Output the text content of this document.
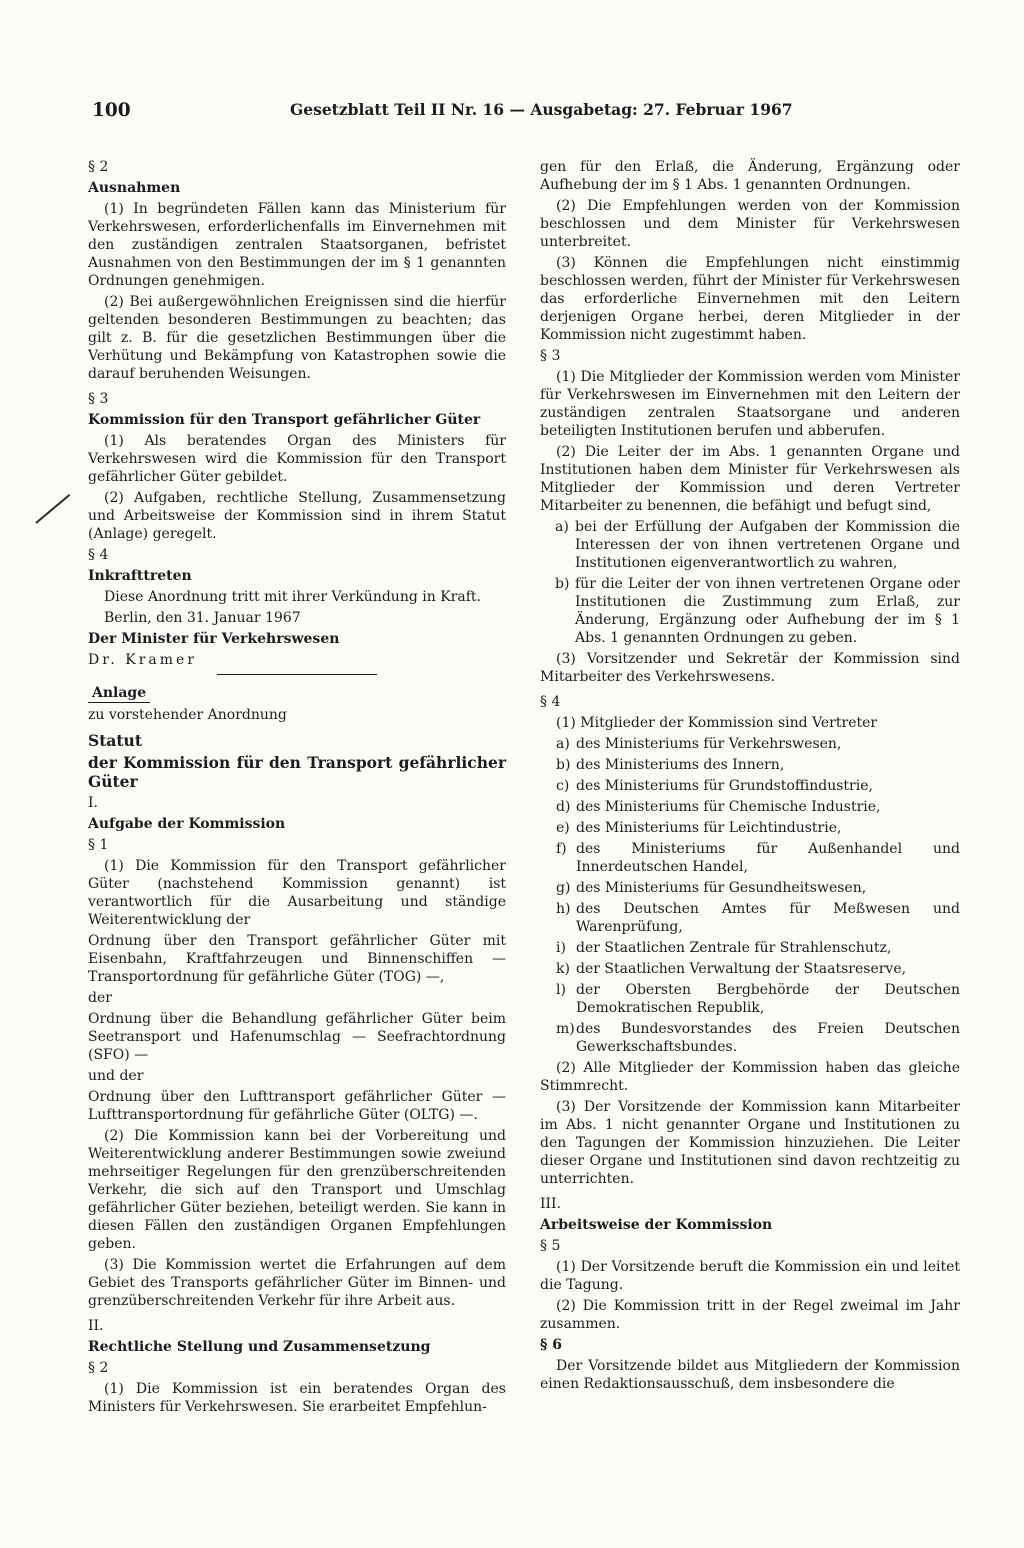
100	Gesetzblatt Teil II Nr. 16 — Ausgabetag: 27. Februar 1967

§ 2

Ausnahmen

(1) In begründeten Fällen kann das Ministerium für Verkehrswesen, erforderlichenfalls im Einvernehmen mit den zuständigen zentralen Staatsorganen, befristet Ausnahmen von den Bestimmungen der im § 1 genannten Ordnungen genehmigen.

(2) Bei außergewöhnlichen Ereignissen sind die hierfür geltenden besonderen Bestimmungen zu beachten; das gilt z. B. für die gesetzlichen Bestimmungen über die Verhütung und Bekämpfung von Katastrophen sowie die darauf beruhenden Weisungen.

§ 3

Kommission für den Transport gefährlicher Güter

(1) Als beratendes Organ des Ministers für Verkehrswesen wird die Kommission für den Transport gefährlicher Güter gebildet.

(2) Aufgaben, rechtliche Stellung, Zusammensetzung und Arbeitsweise der Kommission sind in ihrem Statut (Anlage) geregelt.

§ 4

Inkrafttreten

Diese Anordnung tritt mit ihrer Verkündung in Kraft.

Berlin, den 31. Januar 1967

Der Minister für Verkehrswesen

Dr. Kramer

Anlage

zu vorstehender Anordnung

Statut

der Kommission für den Transport gefährlicher Güter

I.

Aufgabe der Kommission

§ 1

(1) Die Kommission für den Transport gefährlicher Güter (nachstehend Kommission genannt) ist verantwortlich für die Ausarbeitung und ständige Weiterentwicklung der

Ordnung über den Transport gefährlicher Güter mit Eisenbahn, Kraftfahrzeugen und Binnenschiffen — Transportordnung für gefährliche Güter (TOG) —,

der

Ordnung über die Behandlung gefährlicher Güter beim Seetransport und Hafenumschlag — Seefrachtordnung (SFO) —

und der

Ordnung über den Lufttransport gefährlicher Güter — Lufttransportordnung für gefährliche Güter (OLTG) —.

(2) Die Kommission kann bei der Vorbereitung und Weiterentwicklung anderer Bestimmungen sowie zweiund mehrseitiger Regelungen für den grenzüberschreitenden Verkehr, die sich auf den Transport und Umschlag gefährlicher Güter beziehen, beteiligt werden. Sie kann in diesen Fällen den zuständigen Organen Empfehlungen geben.

(3) Die Kommission wertet die Erfahrungen auf dem Gebiet des Transports gefährlicher Güter im Binnen- und grenzüberschreitenden Verkehr für ihre Arbeit aus.

II.

Rechtliche Stellung und Zusammensetzung

§ 2

(1) Die Kommission ist ein beratendes Organ des Ministers für Verkehrswesen. Sie erarbeitet Empfehlun-

gen für den Erlaß, die Änderung, Ergänzung oder Aufhebung der im § 1 Abs. 1 genannten Ordnungen.

(2) Die Empfehlungen werden von der Kommission beschlossen und dem Minister für Verkehrswesen unterbreitet.

(3) Können die Empfehlungen nicht einstimmig beschlossen werden, führt der Minister für Verkehrswesen das erforderliche Einvernehmen mit den Leitern derjenigen Organe herbei, deren Mitglieder in der Kommission nicht zugestimmt haben.

§ 3

(1) Die Mitglieder der Kommission werden vom Minister für Verkehrswesen im Einvernehmen mit den Leitern der zuständigen zentralen Staatsorgane und anderen beteiligten Institutionen berufen und abberufen.

(2) Die Leiter der im Abs. 1 genannten Organe und Institutionen haben dem Minister für Verkehrswesen als Mitglieder der Kommission und deren Vertreter Mitarbeiter zu benennen, die befähigt und befugt sind,

a) bei der Erfüllung der Aufgaben der Kommission die Interessen der von ihnen vertretenen Organe und Institutionen eigenverantwortlich zu wahren,
b) für die Leiter der von ihnen vertretenen Organe oder Institutionen die Zustimmung zum Erlaß, zur Änderung, Ergänzung oder Aufhebung der im § 1 Abs. 1 genannten Ordnungen zu geben.

(3) Vorsitzender und Sekretär der Kommission sind Mitarbeiter des Verkehrswesens.

§ 4

(1) Mitglieder der Kommission sind Vertreter

a) des Ministeriums für Verkehrswesen,
b) des Ministeriums des Innern,
c) des Ministeriums für Grundstoffindustrie,
d) des Ministeriums für Chemische Industrie,
e) des Ministeriums für Leichtindustrie,
f) des Ministeriums für Außenhandel und Innerdeutschen Handel,
g) des Ministeriums für Gesundheitswesen,
h) des Deutschen Amtes für Meßwesen und Warenprüfung,
i) der Staatlichen Zentrale für Strahlenschutz,
k) der Staatlichen Verwaltung der Staatsreserve,
l) der Obersten Bergbehörde der Deutschen Demokratischen Republik,
m) des Bundesvorstandes des Freien Deutschen Gewerkschaftsbundes.

(2) Alle Mitglieder der Kommission haben das gleiche Stimmrecht.

(3) Der Vorsitzende der Kommission kann Mitarbeiter im Abs. 1 nicht genannter Organe und Institutionen zu den Tagungen der Kommission hinzuziehen. Die Leiter dieser Organe und Institutionen sind davon rechtzeitig zu unterrichten.

III.

Arbeitsweise der Kommission

§ 5

(1) Der Vorsitzende beruft die Kommission ein und leitet die Tagung.

(2) Die Kommission tritt in der Regel zweimal im Jahr zusammen.

§ 6

Der Vorsitzende bildet aus Mitgliedern der Kommission einen Redaktionsausschuß, dem insbesondere die
